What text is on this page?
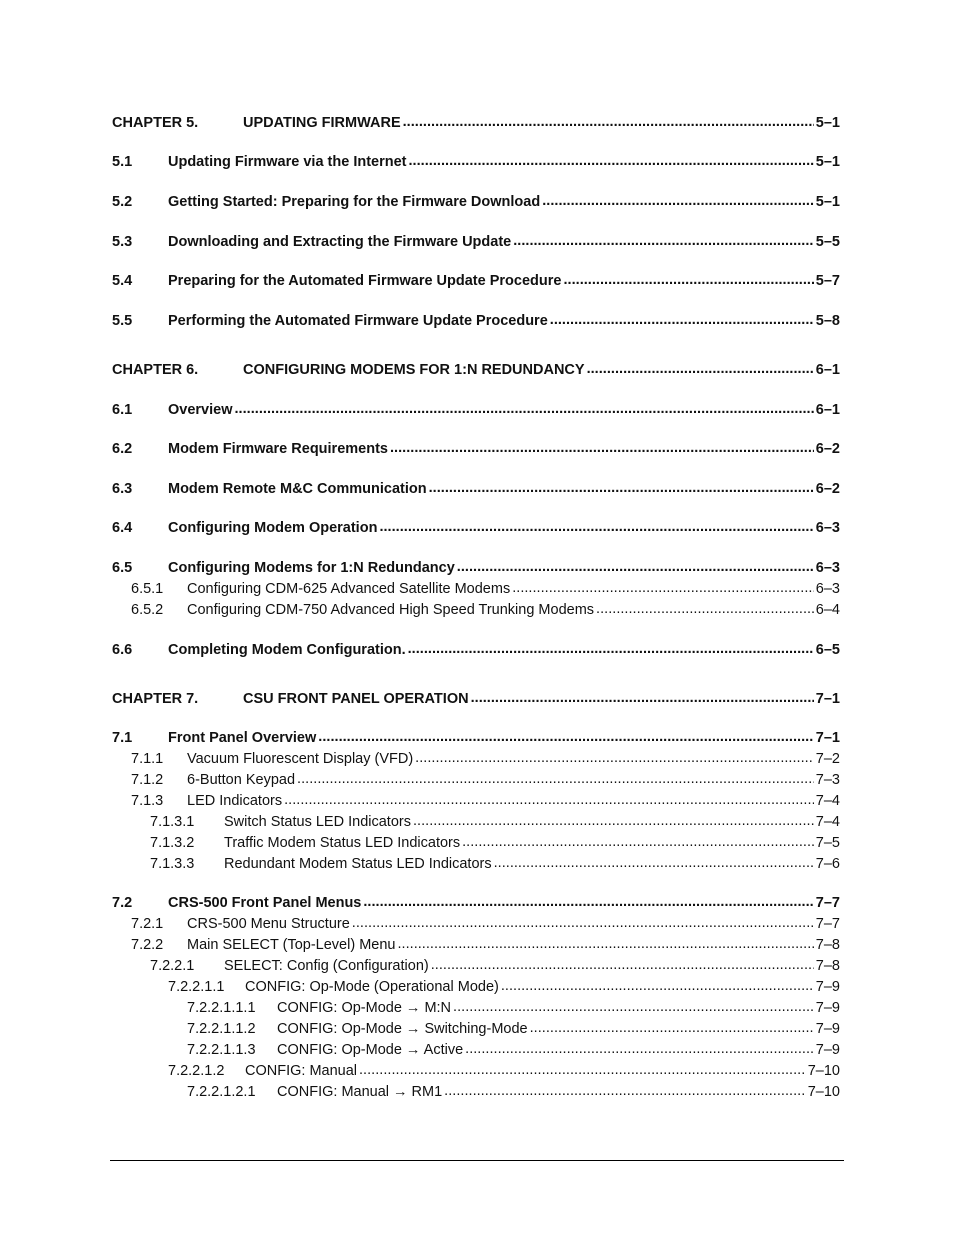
CHAPTER 5.	UPDATING FIRMWARE . . .	5–1
5.1	Updating Firmware via the Internet . . .	5–1
5.2	Getting Started: Preparing for the Firmware Download . . .	5–1
5.3	Downloading and Extracting the Firmware Update . . .	5–5
5.4	Preparing for the Automated Firmware Update Procedure . . .	5–7
5.5	Performing the Automated Firmware Update Procedure . . .	5–8
CHAPTER 6.	CONFIGURING MODEMS FOR 1:N REDUNDANCY . . .	6–1
6.1	Overview . . .	6–1
6.2	Modem Firmware Requirements . . .	6–2
6.3	Modem Remote M&C Communication . . .	6–2
6.4	Configuring Modem Operation . . .	6–3
6.5	Configuring Modems for 1:N Redundancy . . .	6–3
6.5.1	Configuring CDM-625 Advanced Satellite Modems . . .	6–3
6.5.2	Configuring CDM-750 Advanced High Speed Trunking Modems . . .	6–4
6.6	Completing Modem Configuration. . . .	6–5
CHAPTER 7.	CSU FRONT PANEL OPERATION . . .	7–1
7.1	Front Panel Overview . . .	7–1
7.1.1	Vacuum Fluorescent Display (VFD) . . .	7–2
7.1.2	6-Button Keypad . . .	7–3
7.1.3	LED Indicators . . .	7–4
7.1.3.1	Switch Status LED Indicators . . .	7–4
7.1.3.2	Traffic Modem Status LED Indicators . . .	7–5
7.1.3.3	Redundant Modem Status LED Indicators . . .	7–6
7.2	CRS-500 Front Panel Menus . . .	7–7
7.2.1	CRS-500 Menu Structure . . .	7–7
7.2.2	Main SELECT (Top-Level) Menu . . .	7–8
7.2.2.1	SELECT: Config (Configuration) . . .	7–8
7.2.2.1.1	CONFIG: Op-Mode (Operational Mode) . . .	7–9
7.2.2.1.1.1	CONFIG: Op-Mode → M:N . . .	7–9
7.2.2.1.1.2	CONFIG: Op-Mode → Switching-Mode . . .	7–9
7.2.2.1.1.3	CONFIG: Op-Mode → Active . . .	7–9
7.2.2.1.2	CONFIG: Manual . . .	7–10
7.2.2.1.2.1	CONFIG: Manual → RM1 . . .	7–10
